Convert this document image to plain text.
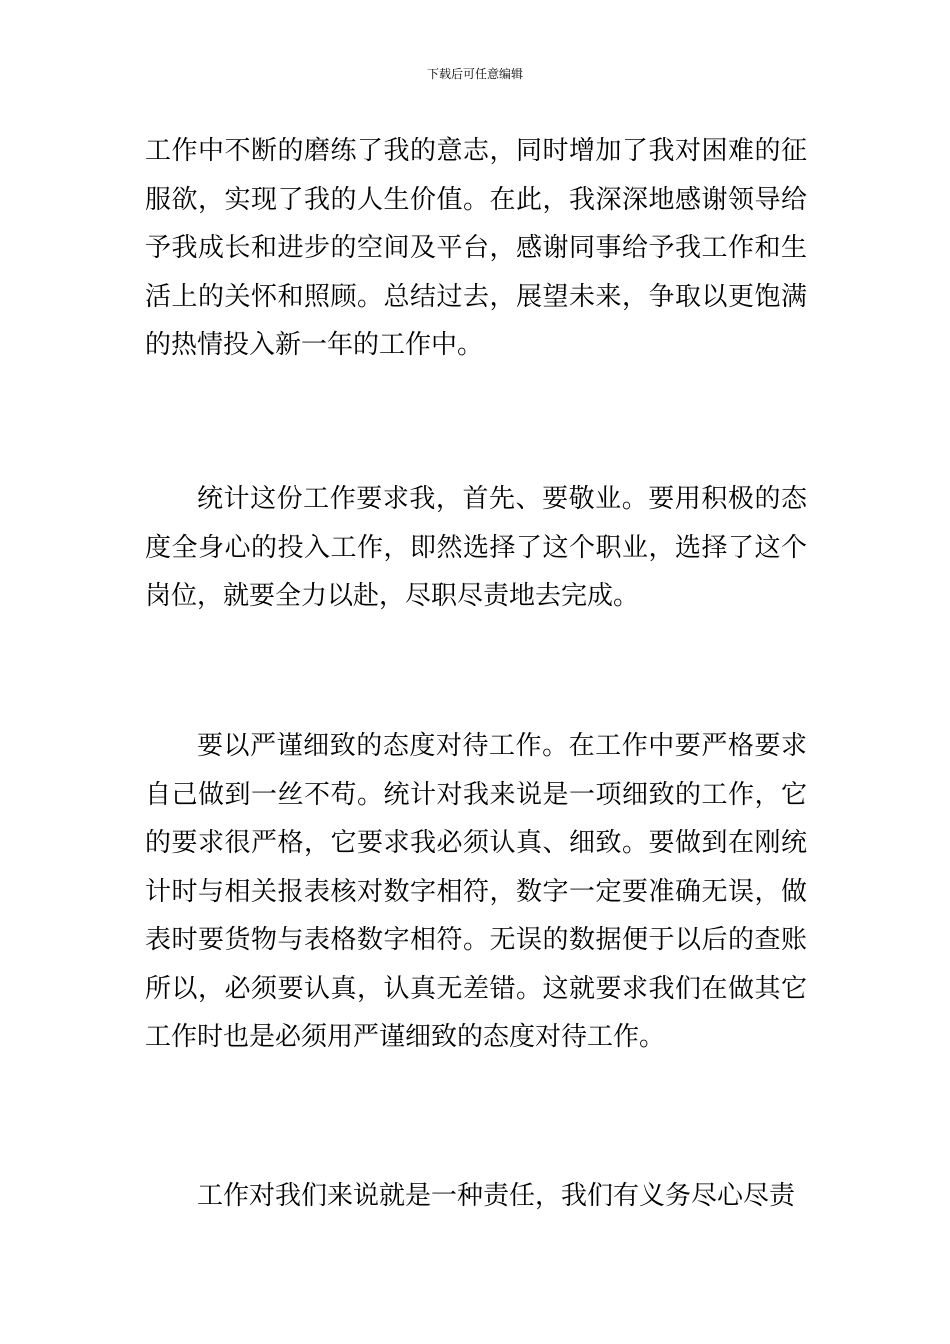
下载后可任意编辑

工作中不断的磨练了我的意志，同时增加了我对困难的征服欲，实现了我的人生价值。在此，我深深地感谢领导给予我成长和进步的空间及平台，感谢同事给予我工作和生活上的关怀和照顾。总结过去，展望未来，争取以更饱满的热情投入新一年的工作中。

统计这份工作要求我，首先、要敬业。要用积极的态度全身心的投入工作，即然选择了这个职业，选择了这个岗位，就要全力以赴，尽职尽责地去完成。

要以严谨细致的态度对待工作。在工作中要严格要求自己做到一丝不苟。统计对我来说是一项细致的工作，它的要求很严格，它要求我必须认真、细致。要做到在刚统计时与相关报表核对数字相符，数字一定要准确无误，做表时要货物与表格数字相符。无误的数据便于以后的查账所以，必须要认真，认真无差错。这就要求我们在做其它工作时也是必须用严谨细致的态度对待工作。

工作对我们来说就是一种责任，我们有义务尽心尽责
